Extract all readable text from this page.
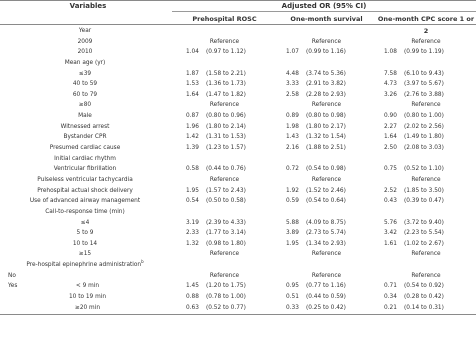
Variables	Adjusted OR (95% CI)
Prehospital ROSC	One-month survival	One-month CPC score 1 or 2
Year
2009	Reference	Reference	Reference
2010	1.04 (0.97 to 1.12)	1.07 (0.99 to 1.16)	1.08 (0.99 to 1.19)
Mean age (yr)
≤39	1.87 (1.58 to 2.21)	4.48 (3.74 to 5.36)	7.58 (6.10 to 9.43)
40 to 59	1.53 (1.36 to 1.73)	3.33 (2.91 to 3.82)	4.73 (3.97 to 5.67)
60 to 79	1.64 (1.47 to 1.82)	2.58 (2.28 to 2.93)	3.26 (2.76 to 3.88)
≥80	Reference	Reference	Reference
Male	0.87 (0.80 to 0.96)	0.89 (0.80 to 0.98)	0.90 (0.80 to 1.00)
Witnessed arrest	1.96 (1.80 to 2.14)	1.98 (1.80 to 2.17)	2.27 (2.02 to 2.56)
Bystander CPR	1.42 (1.31 to 1.53)	1.43 (1.32 to 1.54)	1.64 (1.49 to 1.80)
Presumed cardiac cause	1.39 (1.23 to 1.57)	2.16 (1.88 to 2.51)	2.50 (2.08 to 3.03)
Initial cardiac rhythm
Ventricular fibrillation	0.58 (0.44 to 0.76)	0.72 (0.54 to 0.98)	0.75 (0.52 to 1.10)
Pulseless ventricular tachycardia	Reference	Reference	Reference
Prehospital actual shock delivery	1.95 (1.57 to 2.43)	1.92 (1.52 to 2.46)	2.52 (1.85 to 3.50)
Use of advanced airway management	0.54 (0.50 to 0.58)	0.59 (0.54 to 0.64)	0.43 (0.39 to 0.47)
Call-to-response time (min)
≤4	3.19 (2.39 to 4.33)	5.88 (4.09 to 8.75)	5.76 (3.72 to 9.40)
5 to 9	2.33 (1.77 to 3.14)	3.89 (2.73 to 5.74)	3.42 (2.23 to 5.54)
10 to 14	1.32 (0.98 to 1.80)	1.95 (1.34 to 2.93)	1.61 (1.02 to 2.67)
≥15	Reference	Reference	Reference
Pre-hospital epinephrine administration$^b$
No	Reference	Reference	Reference
Yes	< 9 min	1.45 (1.20 to 1.75)	0.95 (0.77 to 1.16)	0.71 (0.54 to 0.92)
10 to 19 min	0.88 (0.78 to 1.00)	0.51 (0.44 to 0.59)	0.34 (0.28 to 0.42)
≥20 min	0.63 (0.52 to 0.77)	0.33 (0.25 to 0.42)	0.21 (0.14 to 0.31)
